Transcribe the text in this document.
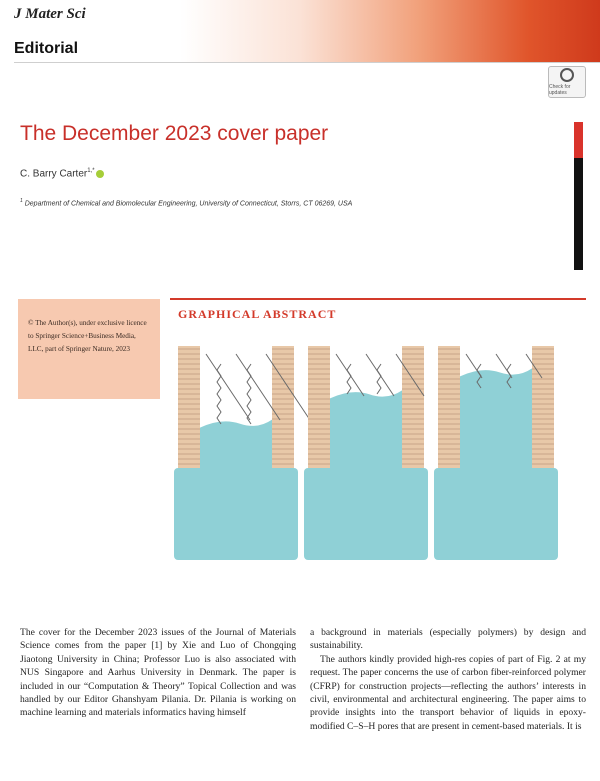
J Mater Sci
Editorial
Check for updates
The December 2023 cover paper
C. Barry Carter$^{1,*}$
$^1$ Department of Chemical and Biomolecular Engineering, University of Connecticut, Storrs, CT 06269, USA
© The Author(s), under exclusive licence to Springer Science+Business Media, LLC, part of Springer Nature, 2023
GRAPHICAL ABSTRACT

The cover for the December 2023 issues of the Journal of Materials Science comes from the paper [1] by Xie and Luo of Chongqing Jiaotong University in China; Professor Luo is also associated with NUS Singapore and Aarhus University in Denmark. The paper is included in our “Computation & Theory” Topical Collection and was handled by our Editor Ghanshyam Pilania. Dr. Pilania is working on machine learning and materials informatics having himself

a background in materials (especially polymers) by design and sustainability.

The authors kindly provided high-res copies of part of Fig. 2 at my request. The paper concerns the use of carbon fiber-reinforced polymer (CFRP) for construction projects—reflecting the authors’ interests in civil, environmental and architectural engineering. The paper aims to provide insights into the transport behavior of liquids in epoxy-modified C–S–H pores that are present in cement-based materials. It is
